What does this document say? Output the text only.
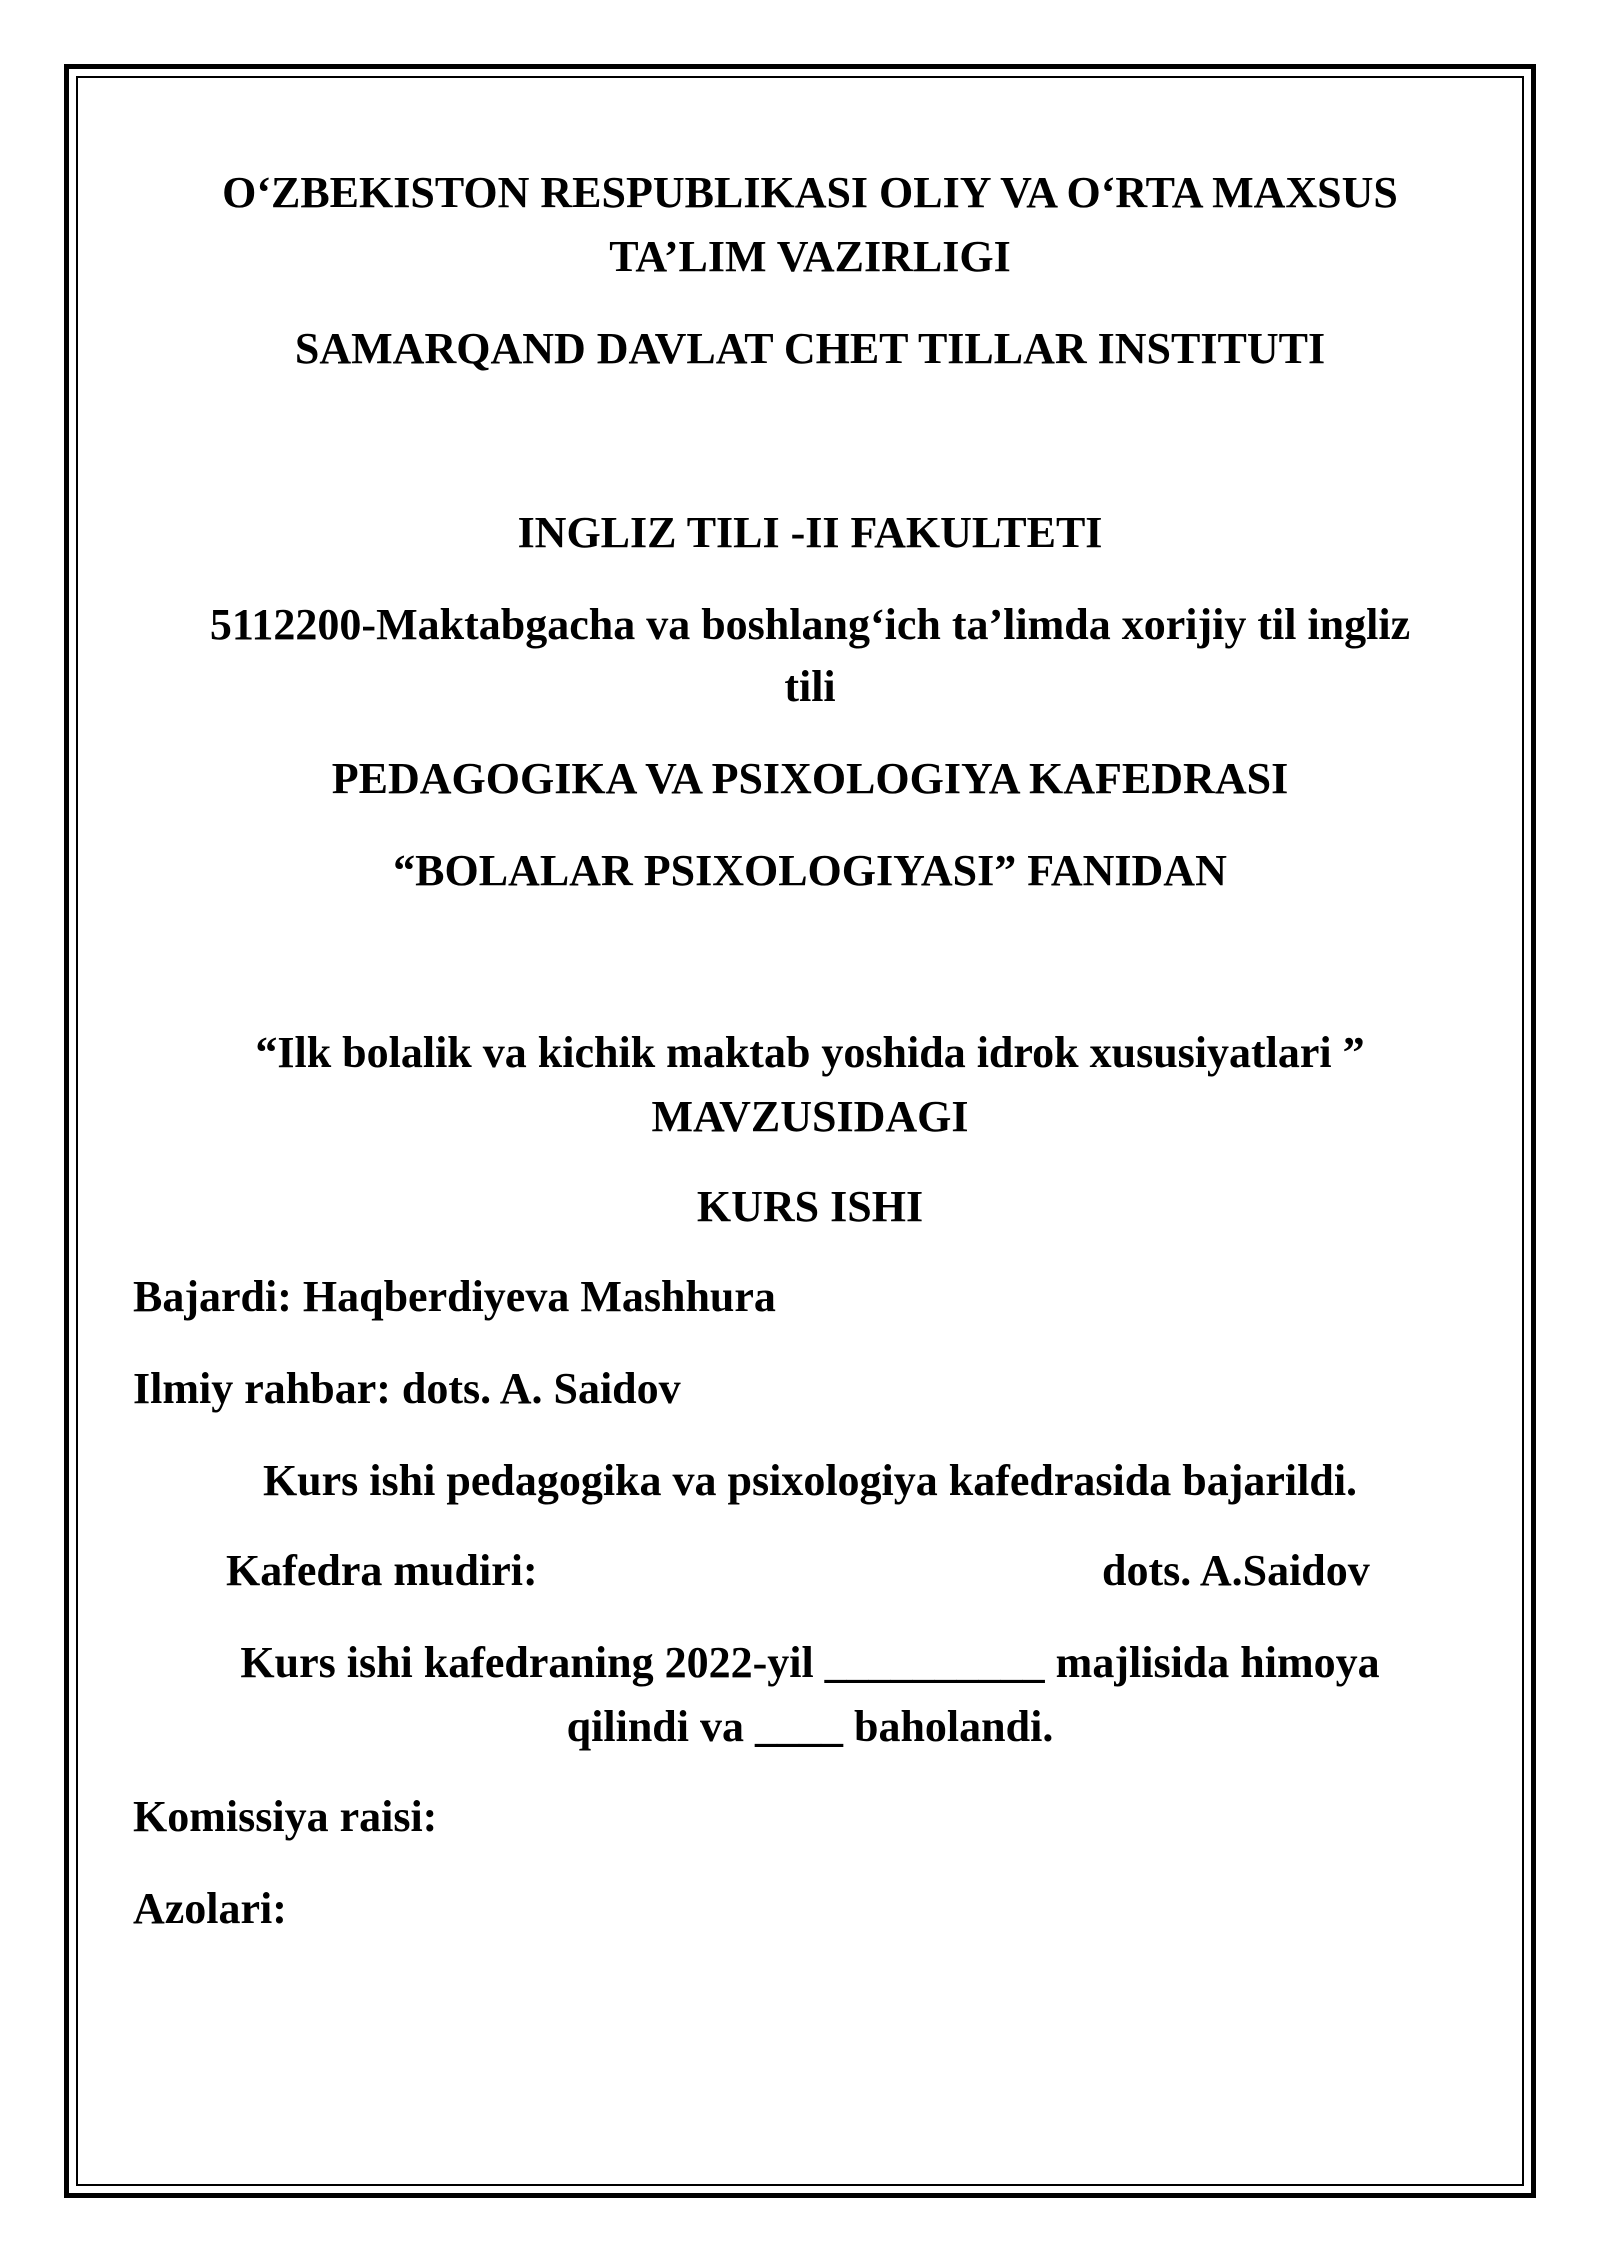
O‘ZBEKISTON RESPUBLIKASI OLIY VA O‘RTA MAXSUS
TA’LIM VAZIRLIGI
SAMARQAND DAVLAT CHET TILLAR INSTITUTI
INGLIZ TILI -II FAKULTETI
5112200-Maktabgacha va boshlang‘ich ta’limda xorijiy til ingliz
tili
PEDAGOGIKA VA PSIXOLOGIYA KAFEDRASI
“BOLALAR PSIXOLOGIYASI” FANIDAN
“Ilk bolalik va kichik maktab yoshida idrok xususiyatlari ”
MAVZUSIDAGI
KURS ISHI
Bajardi: Haqberdiyeva Mashhura
Ilmiy rahbar: dots. A. Saidov
Kurs ishi pedagogika va psixologiya kafedrasida bajarildi.
Kafedra mudiri:	dots. A.Saidov
Kurs ishi kafedraning 2022-yil __________ majlisida himoya
qilindi va ____ baholandi.
Komissiya raisi:
Azolari:
